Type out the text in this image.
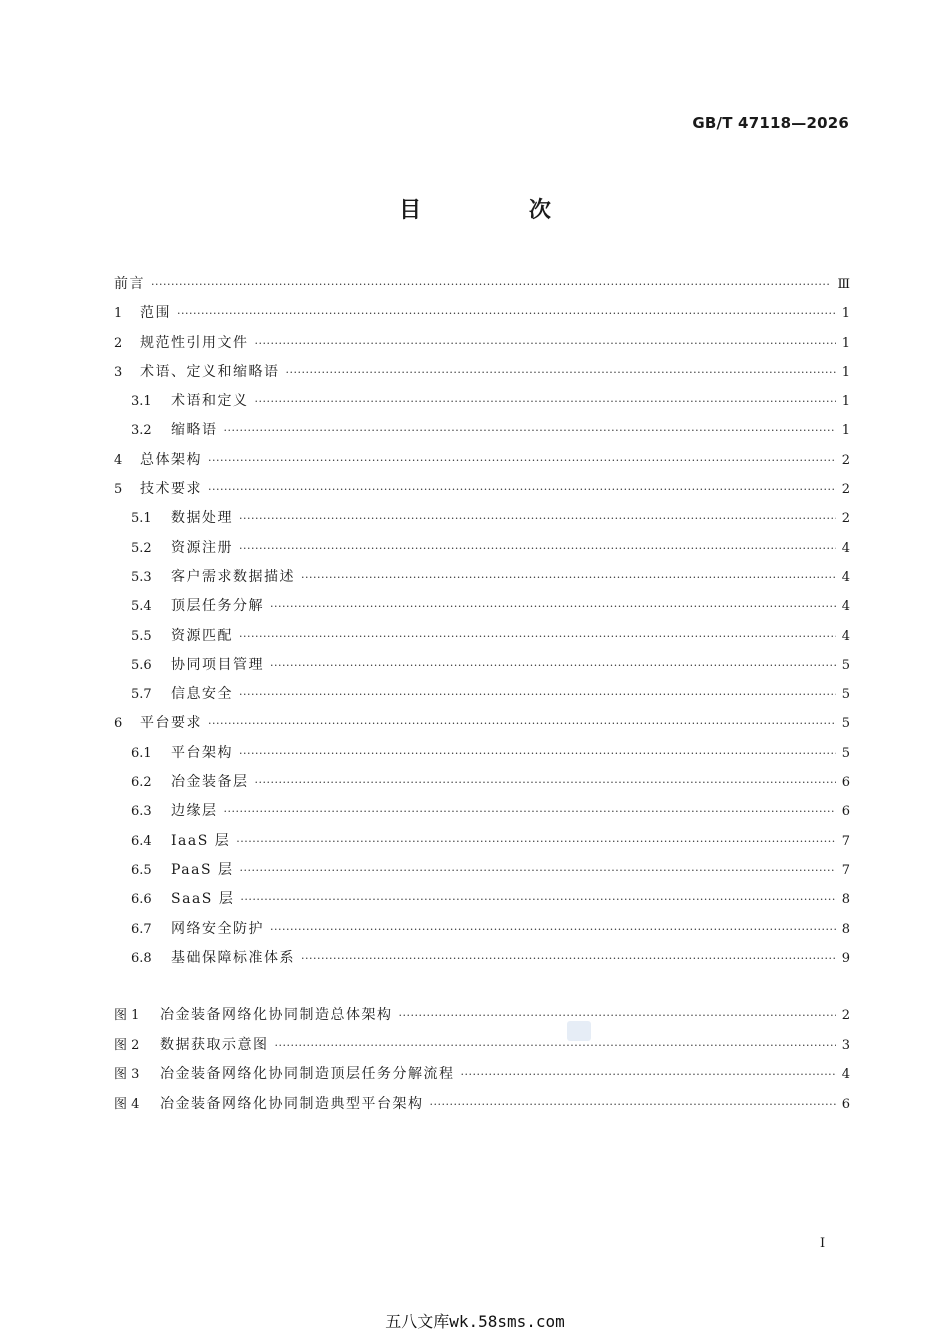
GB/T 47118—2026
目 次
前言 ·····	Ⅲ
1	范围 ·····	1
2	规范性引用文件 ·····	1
3	术语、定义和缩略语 ·····	1
3.1	术语和定义 ·····	1
3.2	缩略语 ·····	1
4	总体架构 ·····	2
5	技术要求 ·····	2
5.1	数据处理 ·····	2
5.2	资源注册 ·····	4
5.3	客户需求数据描述 ·····	4
5.4	顶层任务分解 ·····	4
5.5	资源匹配 ·····	4
5.6	协同项目管理 ·····	5
5.7	信息安全 ·····	5
6	平台要求 ·····	5
6.1	平台架构 ·····	5
6.2	冶金装备层 ·····	6
6.3	边缘层 ·····	6
6.4	IaaS 层 ·····	7
6.5	PaaS 层 ·····	7
6.6	SaaS 层 ·····	8
6.7	网络安全防护 ·····	8
6.8	基础保障标准体系 ·····	9
图 1	冶金装备网络化协同制造总体架构 ·····	2
图 2	数据获取示意图 ·····	3
图 3	冶金装备网络化协同制造顶层任务分解流程 ·····	4
图 4	冶金装备网络化协同制造典型平台架构 ·····	6
I
五八文库wk.58sms.com
